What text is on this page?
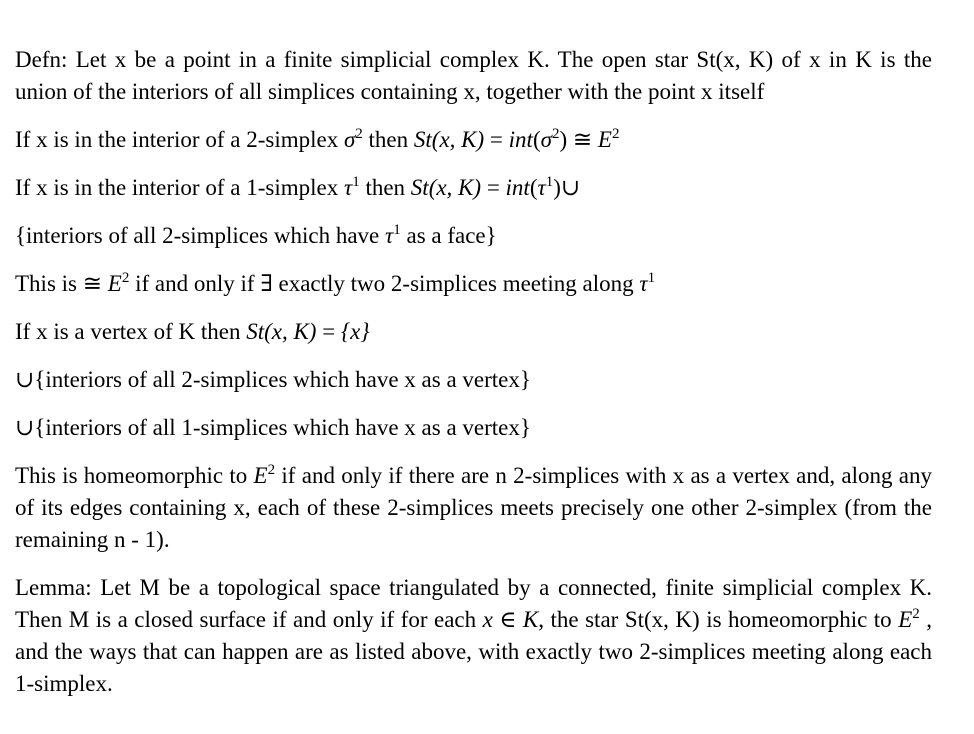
Defn: Let x be a point in a finite simplicial complex K. The open star St(x, K) of x in K is the union of the interiors of all simplices containing x, together with the point x itself

If x is in the interior of a 2-simplex $\sigma^2$ then St(x, $K) = int(\sigma^2)$ ≅ $E^2$

If x is in the interior of a 1-simplex $\tau^1$ then St(x, $K) = int(\tau^1)\cup$

{interiors of all 2-simplices which have $\tau^1$ as a face}

This is ≅ $E^2$ if and only if ∃ exactly two 2-simplices meeting along $\tau^1$

If x is a vertex of K then St(x, K) = {x}

∪{interiors of all 2-simplices which have x as a vertex}

∪{interiors of all 1-simplices which have x as a vertex}

This is homeomorphic to $E^2$ if and only if there are n 2-simplices with x as a vertex and, along any of its edges containing x, each of these 2-simplices meets precisely one other 2-simplex (from the remaining n - 1).

Lemma: Let M be a topological space triangulated by a connected, finite simplicial complex K. Then M is a closed surface if and only if for each x ∈ K, the star St(x, K) is homeomorphic to $E^2$ , and the ways that can happen are as listed above, with exactly two 2-simplices meeting along each 1-simplex.
